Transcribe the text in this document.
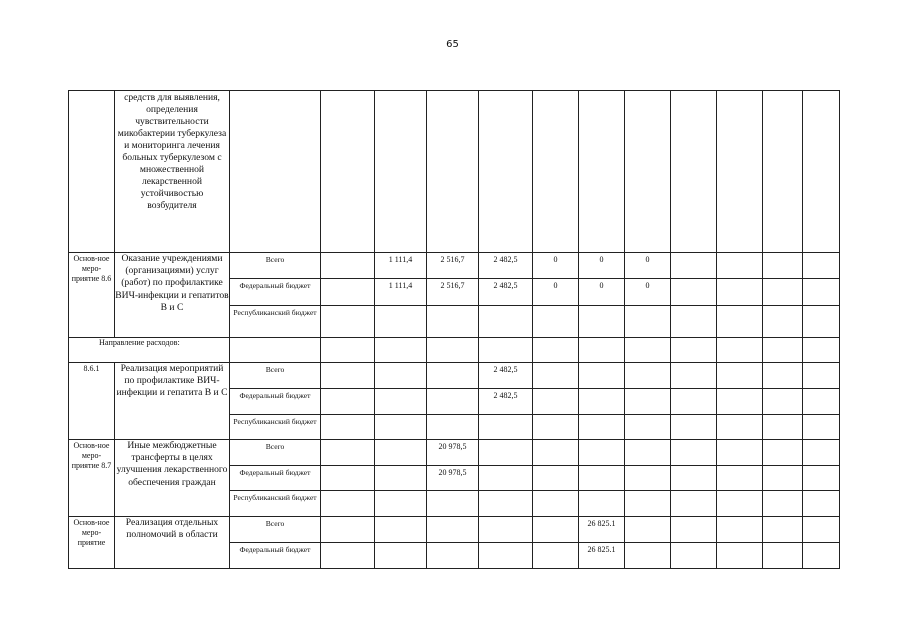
65
	средств для выявления, определения чувствительности микобактерии туберкулеза и мониторинга лечения больных туберкулезом с множественной лекарственной устойчивостью возбудителя												
Основ-ное меро-приятие 8.6	Оказание учреждениями (организациями) услуг (работ) по профилактике ВИЧ-инфекции и гепатитов В и С	Всего		1 111,4	2 516,7	2 482,5	0	0	0				
		Федеральный бюджет		1 111,4	2 516,7	2 482,5	0	0	0				
		Республиканский бюджет											
Направление расходов:													
8.6.1	Реализация мероприятий по профилактике ВИЧ-инфекции и гепатита В и С	Всего				2 482,5							
		Федеральный бюджет				2 482,5							
		Республиканский бюджет											
Основ-ное меро-приятие 8.7	Иные межбюджетные трансферты в целях улучшения лекарственного обеспечения граждан	Всего			20 978,5								
		Федеральный бюджет			20 978,5								
		Республиканский бюджет											
Основ-ное меро-приятие	Реализация отдельных полномочий в области	Всего						26 825.1					
		Федеральный бюджет						26 825.1					
